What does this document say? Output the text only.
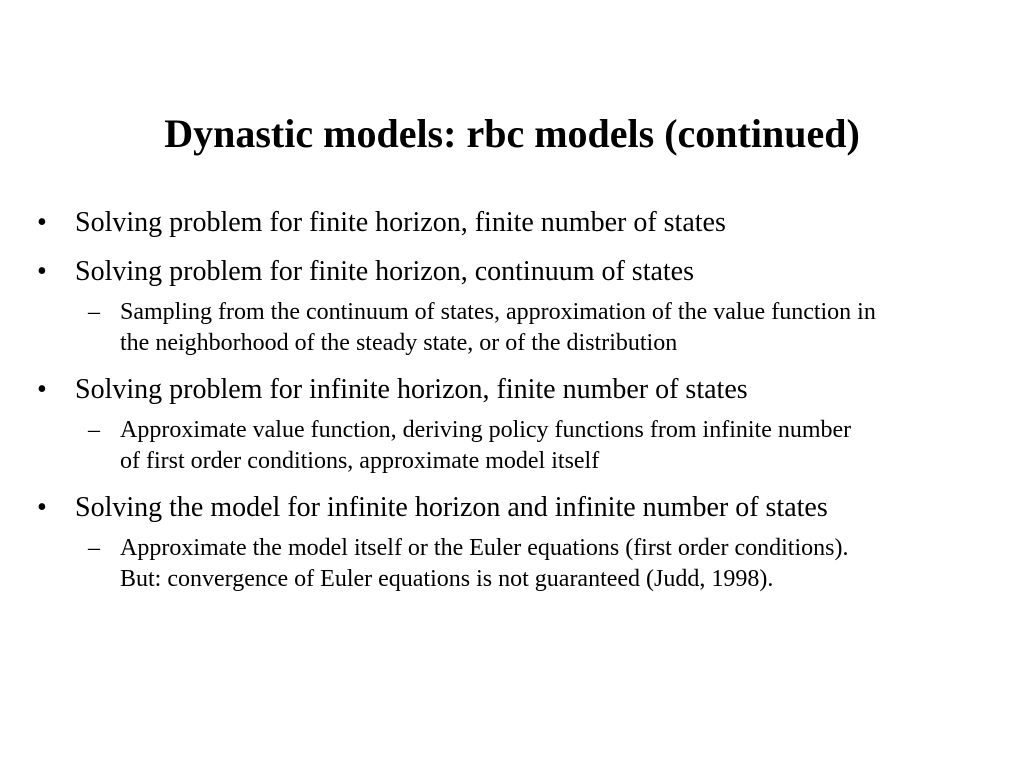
Dynastic models: rbc models (continued)
• Solving problem for finite horizon, finite number of states
• Solving problem for finite horizon, continuum of states
– Sampling from the continuum of states, approximation of the value function in
the neighborhood of the steady state, or of the distribution
• Solving problem for infinite horizon, finite number of states
– Approximate value function, deriving policy functions from infinite number
of first order conditions, approximate model itself
• Solving the model for infinite horizon and infinite number of states
– Approximate the model itself or the Euler equations (first order conditions).
But: convergence of Euler equations is not guaranteed (Judd, 1998).
